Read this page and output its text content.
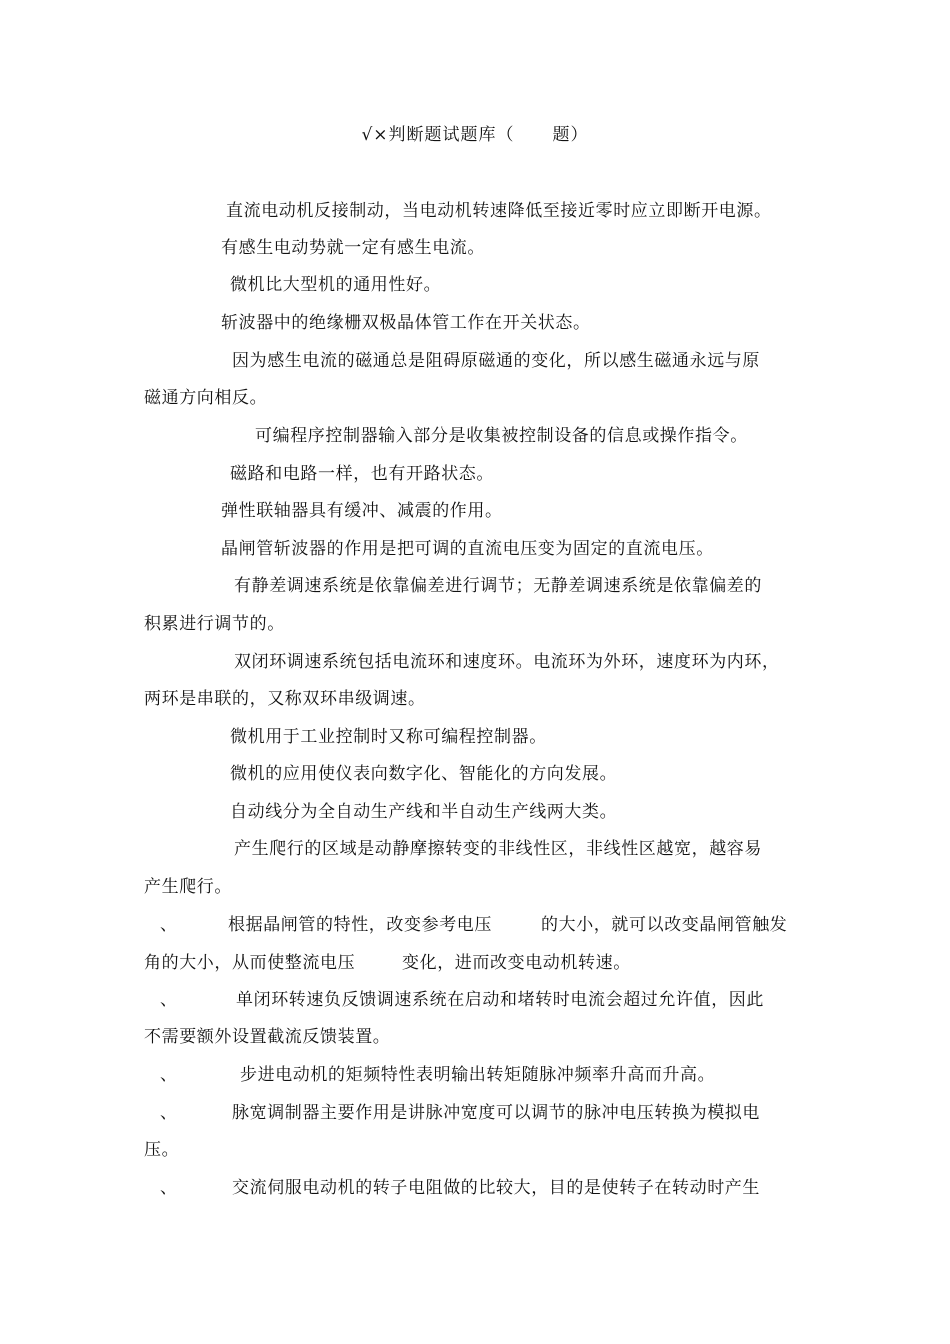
√×判断题试题库（ 题）
直流电动机反接制动，当电动机转速降低至接近零时应立即断开电源。
有感生电动势就一定有感生电流。
微机比大型机的通用性好。
斩波器中的绝缘栅双极晶体管工作在开关状态。
因为感生电流的磁通总是阻碍原磁通的变化，所以感生磁通永远与原
磁通方向相反。
可编程序控制器输入部分是收集被控制设备的信息或操作指令。
磁路和电路一样，也有开路状态。
弹性联轴器具有缓冲、减震的作用。
晶闸管斩波器的作用是把可调的直流电压变为固定的直流电压。
有静差调速系统是依靠偏差进行调节；无静差调速系统是依靠偏差的
积累进行调节的。
双闭环调速系统包括电流环和速度环。电流环为外环，速度环为内环，
两环是串联的，又称双环串级调速。
微机用于工业控制时又称可编程控制器。
微机的应用使仪表向数字化、智能化的方向发展。
自动线分为全自动生产线和半自动生产线两大类。
产生爬行的区域是动静摩擦转变的非线性区，非线性区越宽，越容易
产生爬行。
、	根据晶闸管的特性，改变参考电压	的大小，就可以改变晶闸管触发
角的大小，从而使整流电压	变化，进而改变电动机转速。
、	单闭环转速负反馈调速系统在启动和堵转时电流会超过允许值，因此
不需要额外设置截流反馈装置。
、	步进电动机的矩频特性表明输出转矩随脉冲频率升高而升高。
、	脉宽调制器主要作用是讲脉冲宽度可以调节的脉冲电压转换为模拟电
压。
、	交流伺服电动机的转子电阻做的比较大，目的是使转子在转动时产生
